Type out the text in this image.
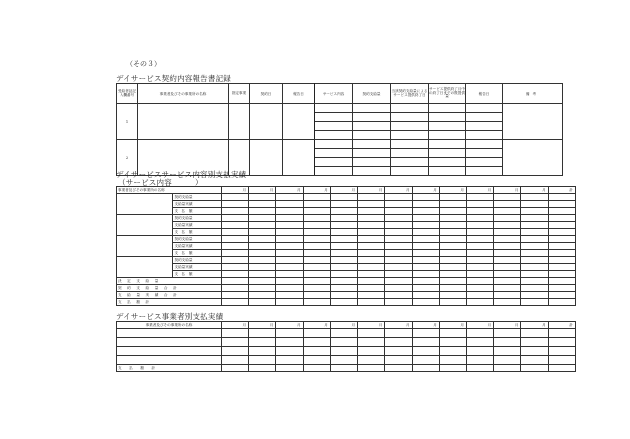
（その３）
デイサービス契約内容報告書記録
受給者証記入欄番号	事業者及びその事業所の名称	指定事業	契約日	報告日	サービス内容	契約支給量	当該契約支給量によるサービス提供終了日	サービス提供終了月中の終了日までの既提供量	報告日	備考
1										

2										

デイサービスサービス内容別支払実績
（サービス内容　　　）
事業者及びその事業所の名称		月	月	月	月	月	月	月	月	月	月	月	月	計
	契約支給量													
	支給量実績													
	支　払　額													
	契約支給量													
	支給量実績													
	支　払　額													
	契約支給量													
	支給量実績													
	支　払　額													
	契約支給量													
	支給量実績													
	支　払　額													
決　定　支　給　量														
契　約　支　給　量　合　計														
支　給　量　実　績　合　計														
支　払　額　計														
デイサービス事業者別支払実績
事業者及びその事業所の名称	月	月	月	月	月	月	月	月	月	月	月	月	計

支　払　額　計													
